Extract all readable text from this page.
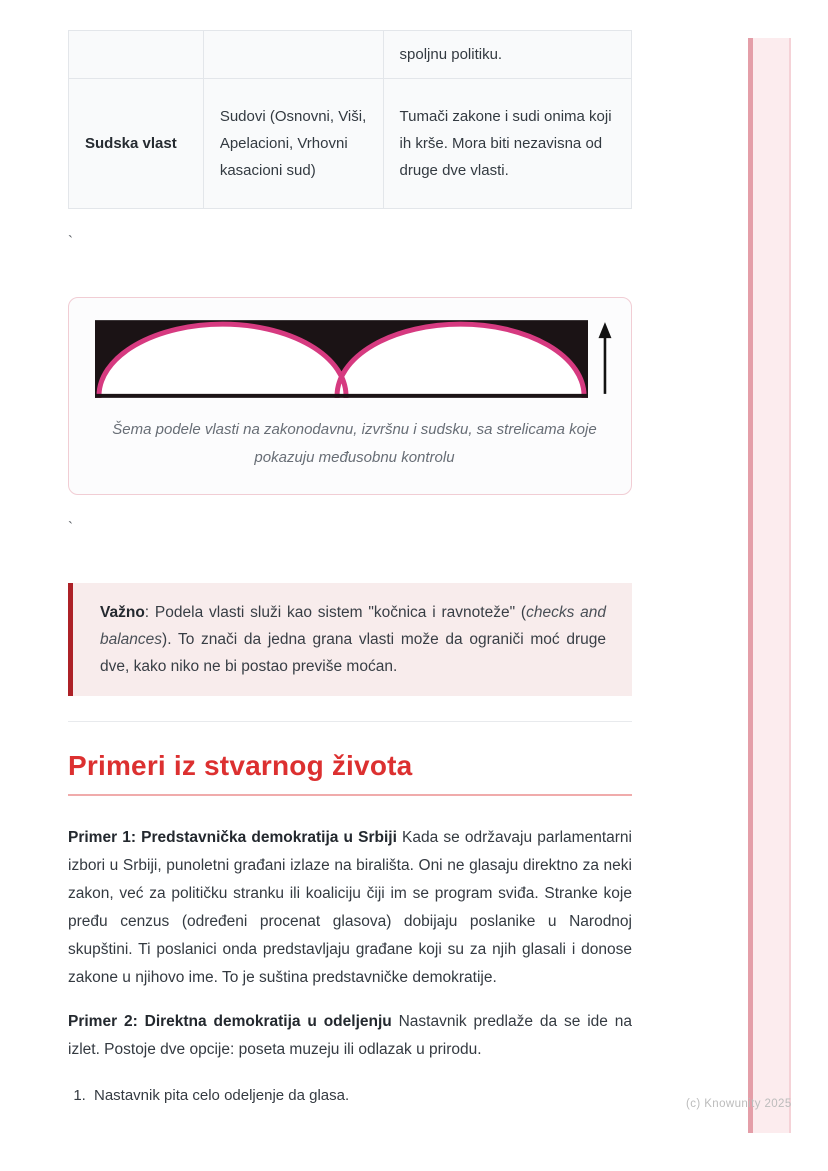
(c) Knowunity 2025
		spoljnu politiku.
Sudska vlast	Sudovi (Osnovni, Viši, Apelacioni, Vrhovni kasacioni sud)	Tumači zakone i sudi onima koji ih krše. Mora biti nezavisna od druge dve vlasti.
`
Šema podele vlasti na zakonodavnu, izvršnu i sudsku, sa strelicama koje pokazuju međusobnu kontrolu
`
Važno: Podela vlasti služi kao sistem "kočnica i ravnoteže" (checks and balances). To znači da jedna grana vlasti može da ograniči moć druge dve, kako niko ne bi postao previše moćan.
Primeri iz stvarnog života

Primer 1: Predstavnička demokratija u Srbiji Kada se održavaju parlamentarni izbori u Srbiji, punoletni građani izlaze na birališta. Oni ne glasaju direktno za neki zakon, već za političku stranku ili koaliciju čiji im se program sviđa. Stranke koje pređu cenzus (određeni procenat glasova) dobijaju poslanike u Narodnoj skupštini. Ti poslanici onda predstavljaju građane koji su za njih glasali i donose zakone u njihovo ime. To je suština predstavničke demokratije.

Primer 2: Direktna demokratija u odeljenju Nastavnik predlaže da se ide na izlet. Postoje dve opcije: poseta muzeju ili odlazak u prirodu.

1. Nastavnik pita celo odeljenje da glasa.
